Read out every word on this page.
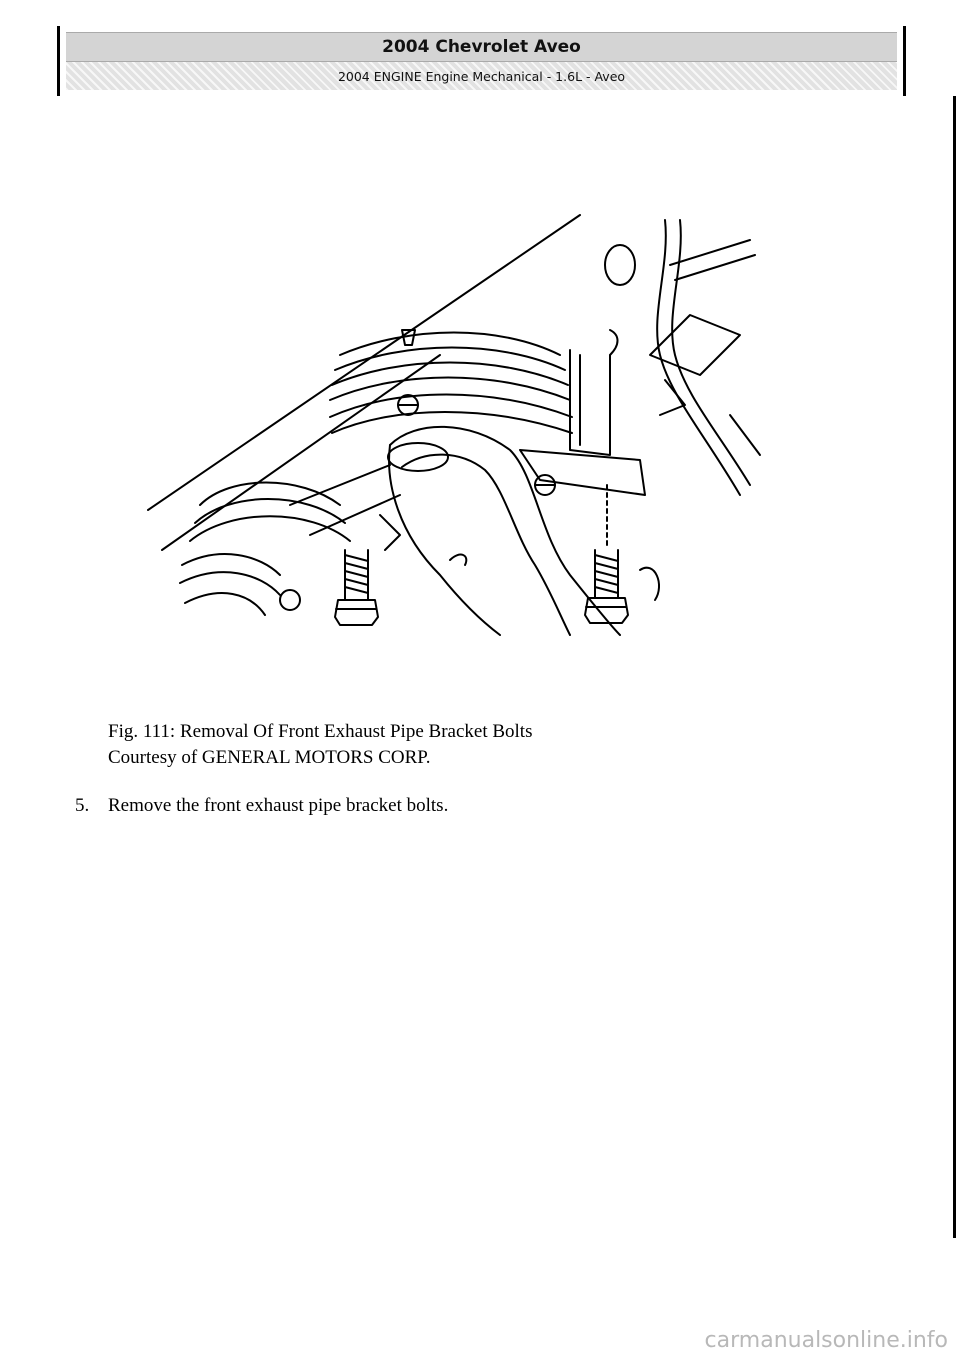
2004 Chevrolet Aveo
2004 ENGINE Engine Mechanical - 1.6L - Aveo
Fig. 111: Removal Of Front Exhaust Pipe Bracket Bolts
Courtesy of GENERAL MOTORS CORP.
5. Remove the front exhaust pipe bracket bolts.
carmanualsonline.info
